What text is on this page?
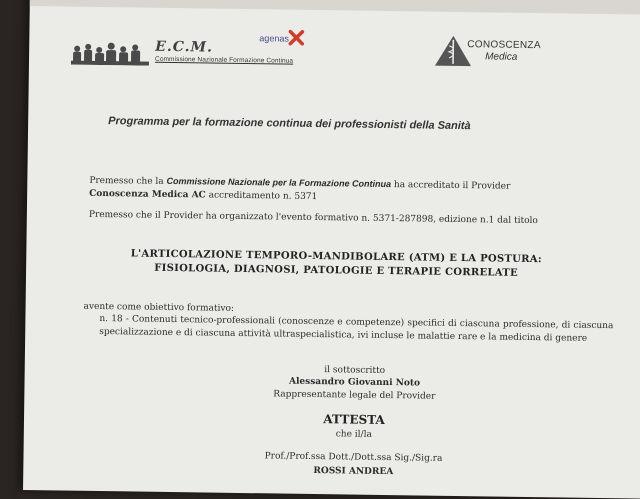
E.C.M.
Commissione Nazionale Formazione Continua
agenas
CONOSCENZA
Medica
Programma per la formazione continua dei professionisti della Sanità
Premesso che la Commissione Nazionale per la Formazione Continua ha accreditato il Provider
Conoscenza Medica AC accreditamento n. 5371
Premesso che il Provider ha organizzato l'evento formativo n. 5371-287898, edizione n.1 dal titolo
L'ARTICOLAZIONE TEMPORO-MANDIBOLARE (ATM) E LA POSTURA:
FISIOLOGIA, DIAGNOSI, PATOLOGIE E TERAPIE CORRELATE
avente come obiettivo formativo:
n. 18 - Contenuti tecnico-professionali (conoscenze e competenze) specifici di ciascuna professione, di ciascuna specializzazione e di ciascuna attività ultraspecialistica, ivi incluse le malattie rare e la medicina di genere
il sottoscritto
Alessandro Giovanni Noto
Rappresentante legale del Provider
ATTESTA
che il/la
Prof./Prof.ssa Dott./Dott.ssa Sig./Sig.ra
ROSSI ANDREA
